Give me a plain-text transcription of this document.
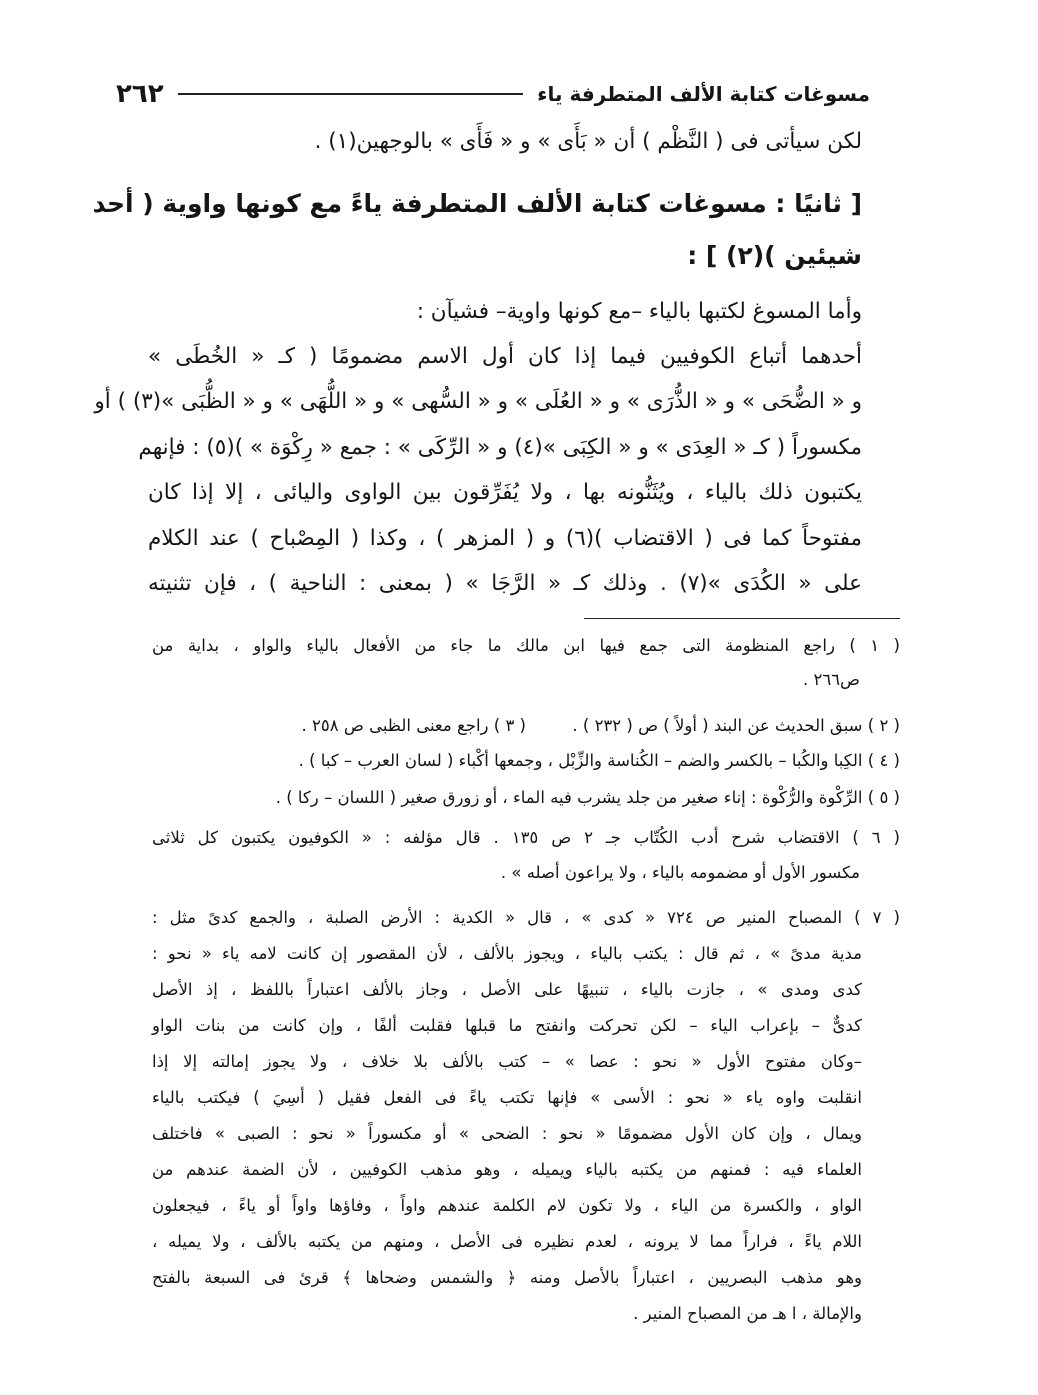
مسوغات كتابة الألف المتطرفة ياء
٢٦٢
لكن سيأتى فى ( النَّظْم ) أن « بَأَى » و « فَأَى » بالوجهين(١) .
[ ثانيًا : مسوغات كتابة الألف المتطرفة ياءً مع كونها واوية ( أحد
شيئين )(٢) ] :
وأما المسوغ لكتبها بالياء –مع كونها واوية– فشيآن :
أحدهما أتباع الكوفيين فيما إذا كان أول الاسم مضمومًا ( كـ « الخُطَى »
و « الضُّحَى » و « الذُّرَى » و « العُلَى » و « السُّهى » و « اللُّهَى » و « الظُّبَى »(٣) ) أو
مكسوراً ( كـ « العِدَى » و « الكِبَى »(٤) و « الرِّكَى » : جمع « رِكْوَة » )(٥) : فإنهم
يكتبون ذلك بالياء ، ويُثَنُّونه بها ، ولا يُفَرِّقون بين الواوى واليائى ، إلا إذا كان
مفتوحاً كما فى ( الاقتضاب )(٦) و ( المزهر ) ، وكذا ( المِصْباح ) عند الكلام
على « الكُدَى »(٧) . وذلك كـ « الرَّجَا » ( بمعنى : الناحية ) ، فإن تثنيته
( ١ ) راجع المنظومة التى جمع فيها ابن مالك ما جاء من الأفعال بالياء والواو ، بداية من
ص٢٦٦ .
( ٢ ) سبق الحديث عن البند ( أولاً ) ص ( ٢٣٢ ) .
( ٣ ) راجع معنى الظبى ص ٢٥٨ .
( ٤ ) الكِبا والكُبا – بالكسر والضم – الكُناسة والزِّبْل ، وجمعها أكْباء ( لسان العرب – كبا ) .
( ٥ ) الرِّكْوة والرُّكْوة : إناء صغير من جلد يشرب فيه الماء ، أو زورق صغير ( اللسان – ركا ) .
( ٦ ) الاقتضاب شرح أدب الكُتّاب جـ ٢ ص ١٣٥ . قال مؤلفه : « الكوفيون يكتبون كل ثلاثى
مكسور الأول أو مضمومه بالياء ، ولا يراعون أصله » .
( ٧ ) المصباح المنير ص ٧٢٤ « كدى » ، قال « الكدية : الأرض الصلبة ، والجمع كدىً مثل :
مدية مدىً » ، ثم قال : يكتب بالياء ، ويجوز بالألف ، لأن المقصور إن كانت لامه ياء « نحو :
كدى ومدى » ، جازت بالياء ، تنبيهًا على الأصل ، وجاز بالألف اعتباراً باللفظ ، إذ الأصل
كدىٌّ – بإعراب الياء – لكن تحركت وانفتح ما قبلها فقلبت ألفًا ، وإن كانت من بنات الواو
–وكان مفتوح الأول « نحو : عصا » – كتب بالألف بلا خلاف ، ولا يجوز إمالته إلا إذا
انقلبت واوه ياء « نحو : الأسى » فإنها تكتب ياءً فى الفعل فقيل ( أسِيَ ) فيكتب بالياء
ويمال ، وإن كان الأول مضمومًا « نحو : الضحى » أو مكسوراً « نحو : الصبى » فاختلف
العلماء فيه : فمنهم من يكتبه بالياء ويميله ، وهو مذهب الكوفيين ، لأن الضمة عندهم من
الواو ، والكسرة من الياء ، ولا تكون لام الكلمة عندهم واواً ، وفاؤها واواً أو ياءً ، فيجعلون
اللام ياءً ، فراراً مما لا يرونه ، لعدم نظيره فى الأصل ، ومنهم من يكتبه بالألف ، ولا يميله ،
وهو مذهب البصريين ، اعتباراً بالأصل ومنه ﴿ والشمس وضحاها ﴾ قرئ فى السبعة بالفتح
والإمالة ، ا هـ من المصباح المنير .
